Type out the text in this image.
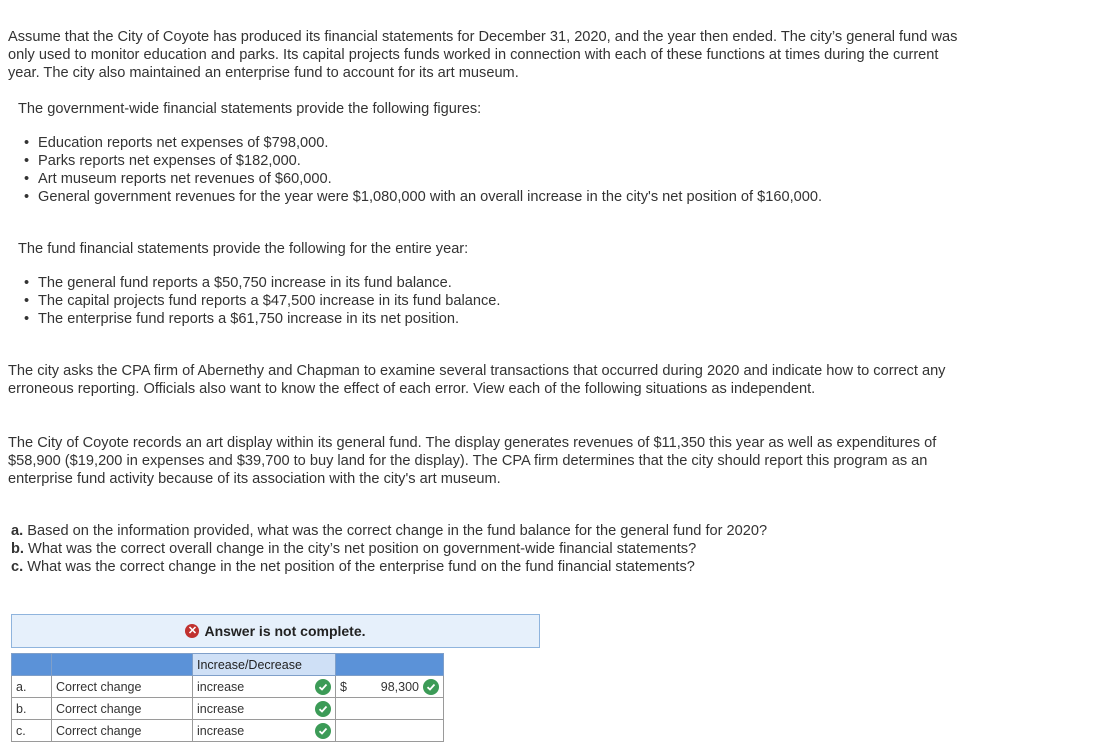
Assume that the City of Coyote has produced its financial statements for December 31, 2020, and the year then ended. The city’s general fund was only used to monitor education and parks. Its capital projects funds worked in connection with each of these functions at times during the current year. The city also maintained an enterprise fund to account for its art museum.

The government-wide financial statements provide the following figures:

• Education reports net expenses of $798,000.
• Parks reports net expenses of $182,000.
• Art museum reports net revenues of $60,000.
• General government revenues for the year were $1,080,000 with an overall increase in the city's net position of $160,000.

The fund financial statements provide the following for the entire year:

• The general fund reports a $50,750 increase in its fund balance.
• The capital projects fund reports a $47,500 increase in its fund balance.
• The enterprise fund reports a $61,750 increase in its net position.

The city asks the CPA firm of Abernethy and Chapman to examine several transactions that occurred during 2020 and indicate how to correct any erroneous reporting. Officials also want to know the effect of each error. View each of the following situations as independent.

The City of Coyote records an art display within its general fund. The display generates revenues of $11,350 this year as well as expenditures of $58,900 ($19,200 in expenses and $39,700 to buy land for the display). The CPA firm determines that the city should report this program as an enterprise fund activity because of its association with the city's art museum.

a. Based on the information provided, what was the correct change in the fund balance for the general fund for 2020?

b. What was the correct overall change in the city’s net position on government-wide financial statements?

c. What was the correct change in the net position of the enterprise fund on the fund financial statements?

✕ Answer is not complete.
		Increase/Decrease	
a.	Correct change	increase	$ 98,300

b.	Correct change	increase

c.	Correct change	increase
